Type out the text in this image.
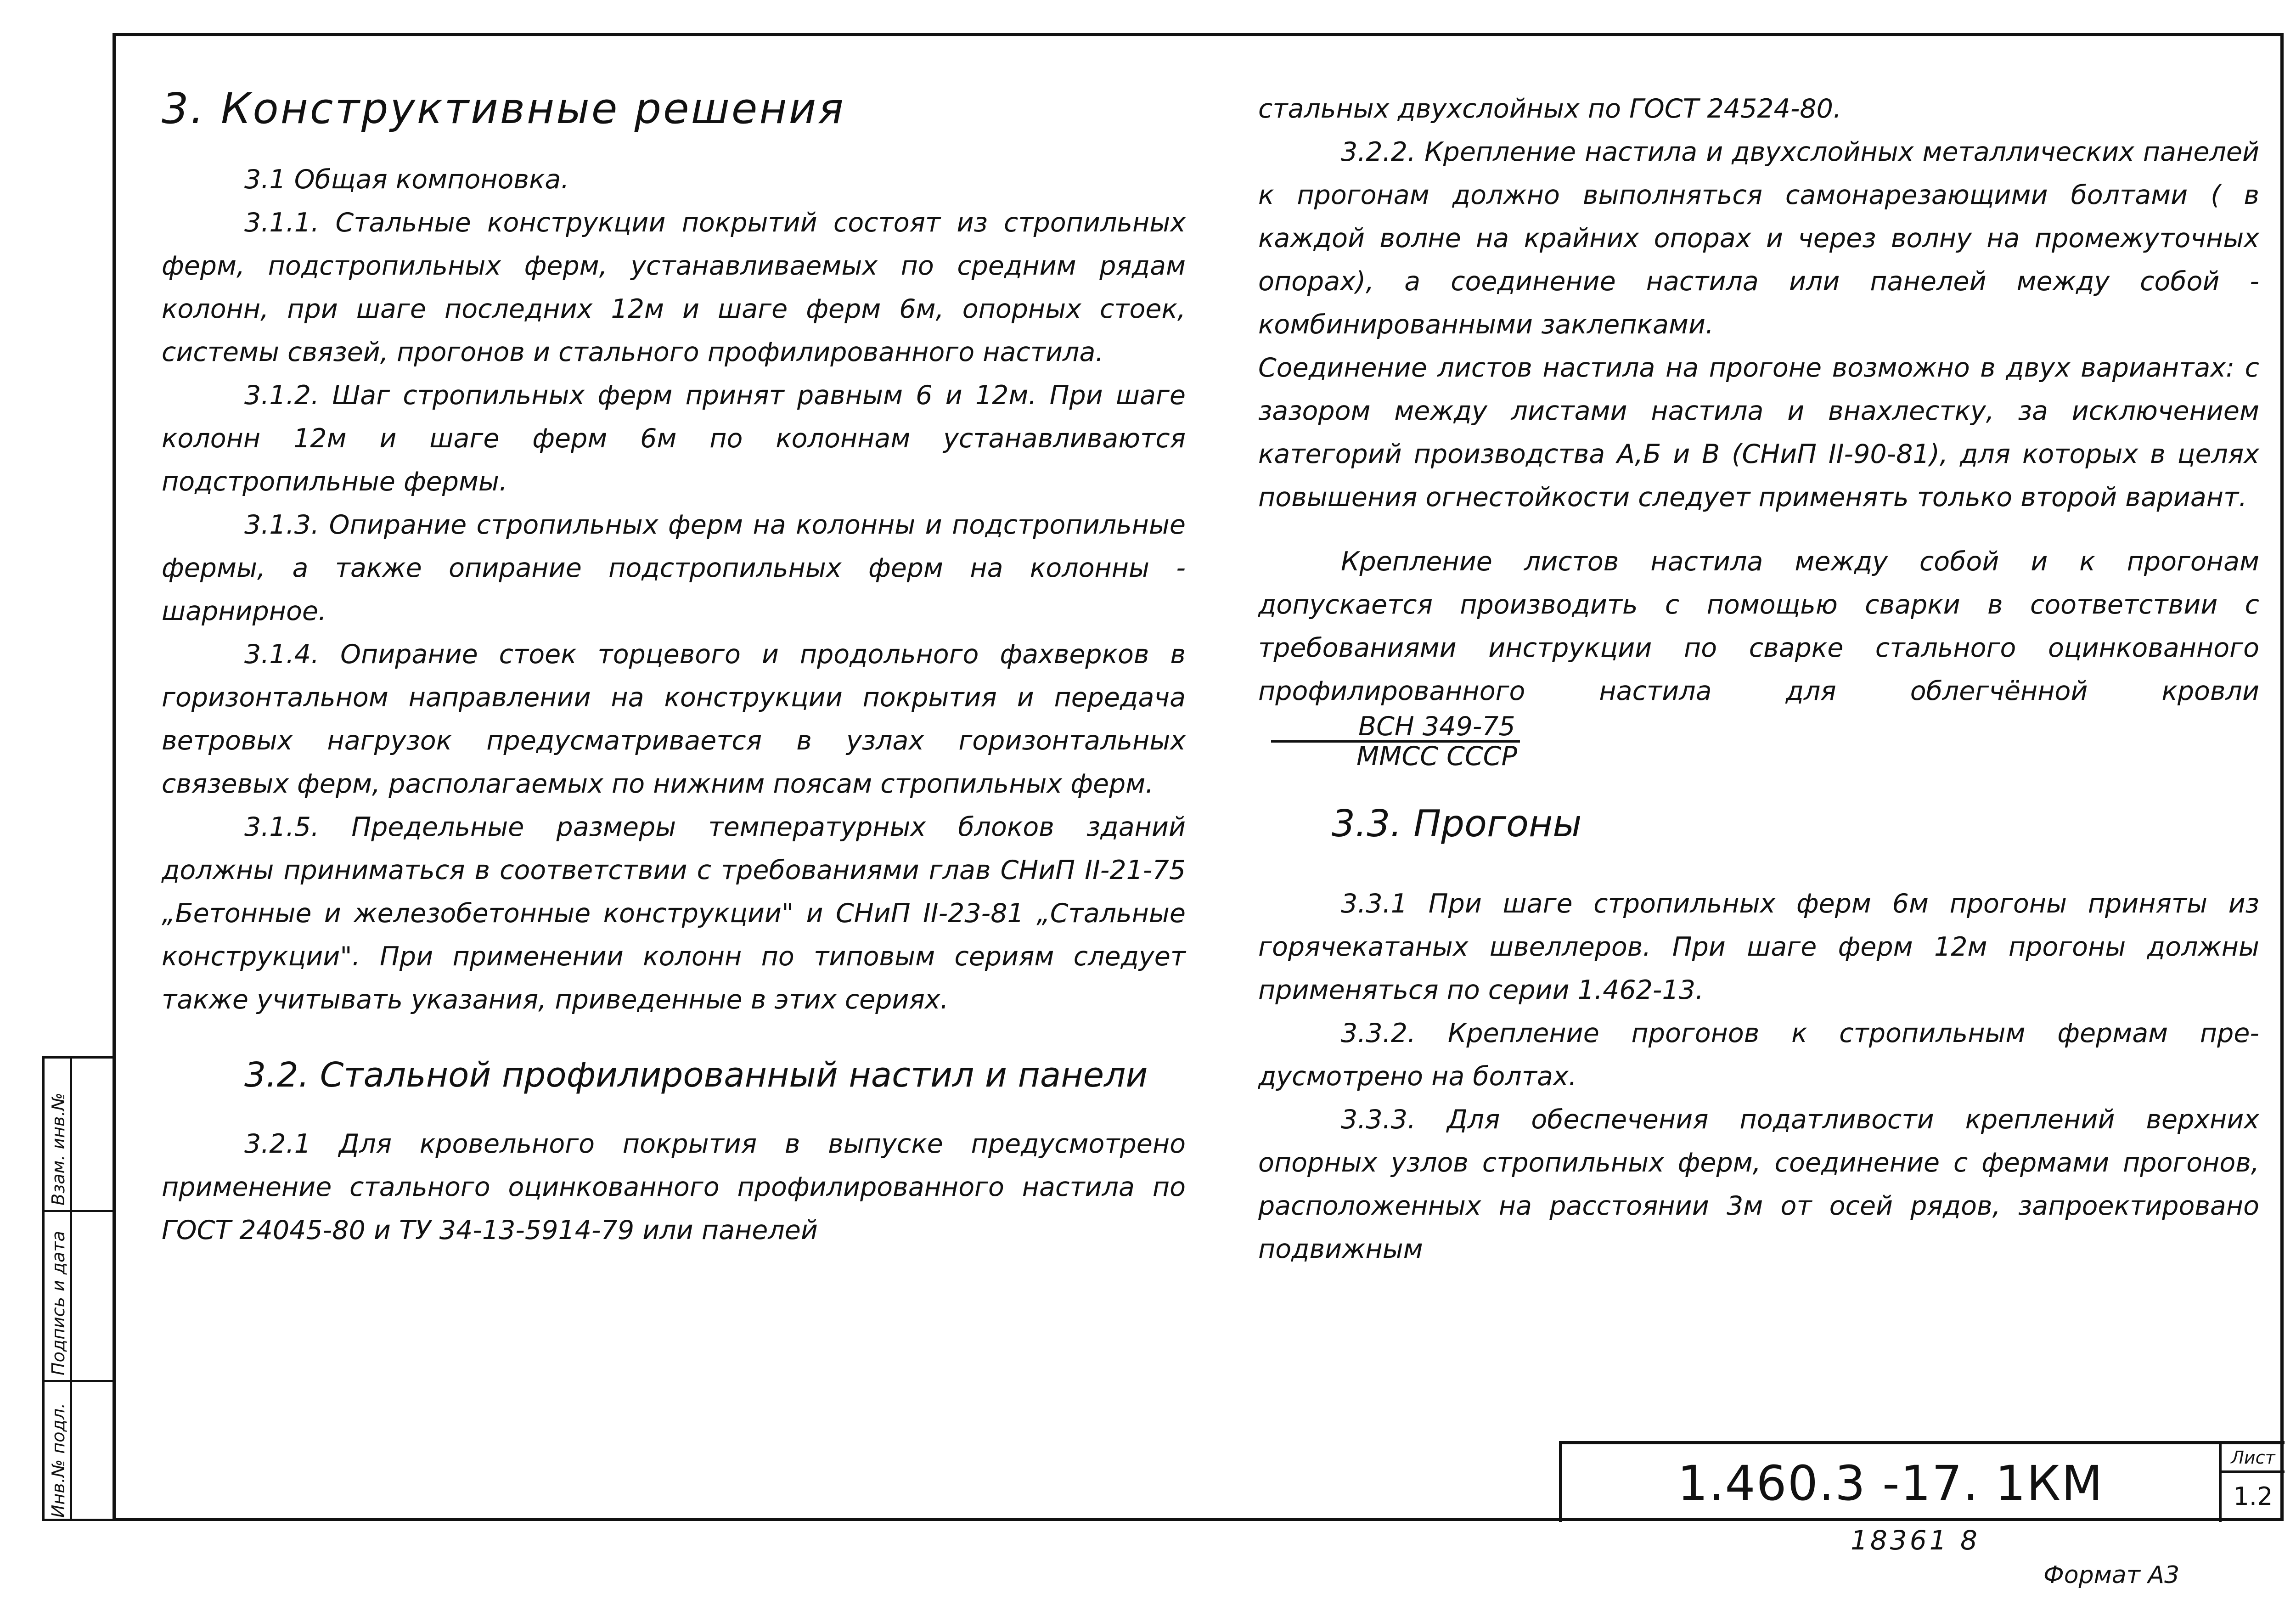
Взам. инв.№
Подпись и дата
Инв.№ подл.

3. Конструктивные решения

3.1 Общая компоновка.

3.1.1. Стальные конструкции покрытий состоят из стропильных ферм, подстропильных ферм, устанавливаемых по средним рядам колонн, при шаге последних 12м и шаге ферм 6м, опорных стоек, системы связей, прогонов и стального профилированного настила.

3.1.2. Шаг стропильных ферм принят равным 6 и 12м. При шаге колонн 12м и шаге ферм 6м по колоннам устанавливаются подстропильные фермы.

3.1.3. Опирание стропильных ферм на колонны и подстропильные фермы, а также опирание подстропильных ферм на колонны - шарнирное.

3.1.4. Опирание стоек торцевого и продольного фахверков в горизонтальном направлении на конструкции покрытия и передача ветровых нагрузок предусматривается в узлах горизонтальных связевых ферм, располагаемых по нижним поясам стропильных ферм.

3.1.5. Предельные размеры температурных блоков зданий должны приниматься в соответствии с требованиями глав СНиП II-21-75 „Бетонные и железобетонные конструкции" и СНиП II-23-81 „Стальные конструкции". При применении колонн по типовым сериям следует также учитывать указания, приведенные в этих сериях.

3.2. Стальной профилированный настил и панели

3.2.1 Для кровельного покрытия в выпуске предусмотрено применение стального оцинкованного профилированного настила по ГОСТ 24045-80 и ТУ 34-13-5914-79 или панелей

стальных двухслойных по ГОСТ 24524-80.

3.2.2. Крепление настила и двухслойных металлических панелей к прогонам должно выполняться самонарезающими болтами ( в каждой волне на крайних опорах и через волну на промежуточных опорах), а соединение настила или панелей между собой - комбинированными заклепками.

Соединение листов настила на прогоне возможно в двух вариантах: с зазором между листами настила и внахлестку, за исключением категорий производства А,Б и В (СНиП II-90-81), для которых в целях повышения огнестойкости следует применять только второй вариант.

Крепление листов настила между собой и к прогонам допускается производить с помощью сварки в соответствии с требованиями инструкции по сварке стального оцинкованного профилированного настила для облегчённой кровли
$\frac{\text{ВСН 349-75}}{\text{ММСС СССР}}$

3.3. Прогоны

3.3.1 При шаге стропильных ферм 6м прогоны приняты из горячекатаных швеллеров. При шаге ферм 12м прогоны должны применяться по серии 1.462-13.

3.3.2. Крепление прогонов к стропильным фермам предусмотрено на болтах.

3.3.3. Для обеспечения податливости креплений верхних опорных узлов стропильных ферм, соединение с фермами прогонов, расположенных на расстоянии 3м от осей рядов, запроектировано подвижным

1.460.3 -17. 1КМ	Лист
1.2
18361 8
Формат А3
